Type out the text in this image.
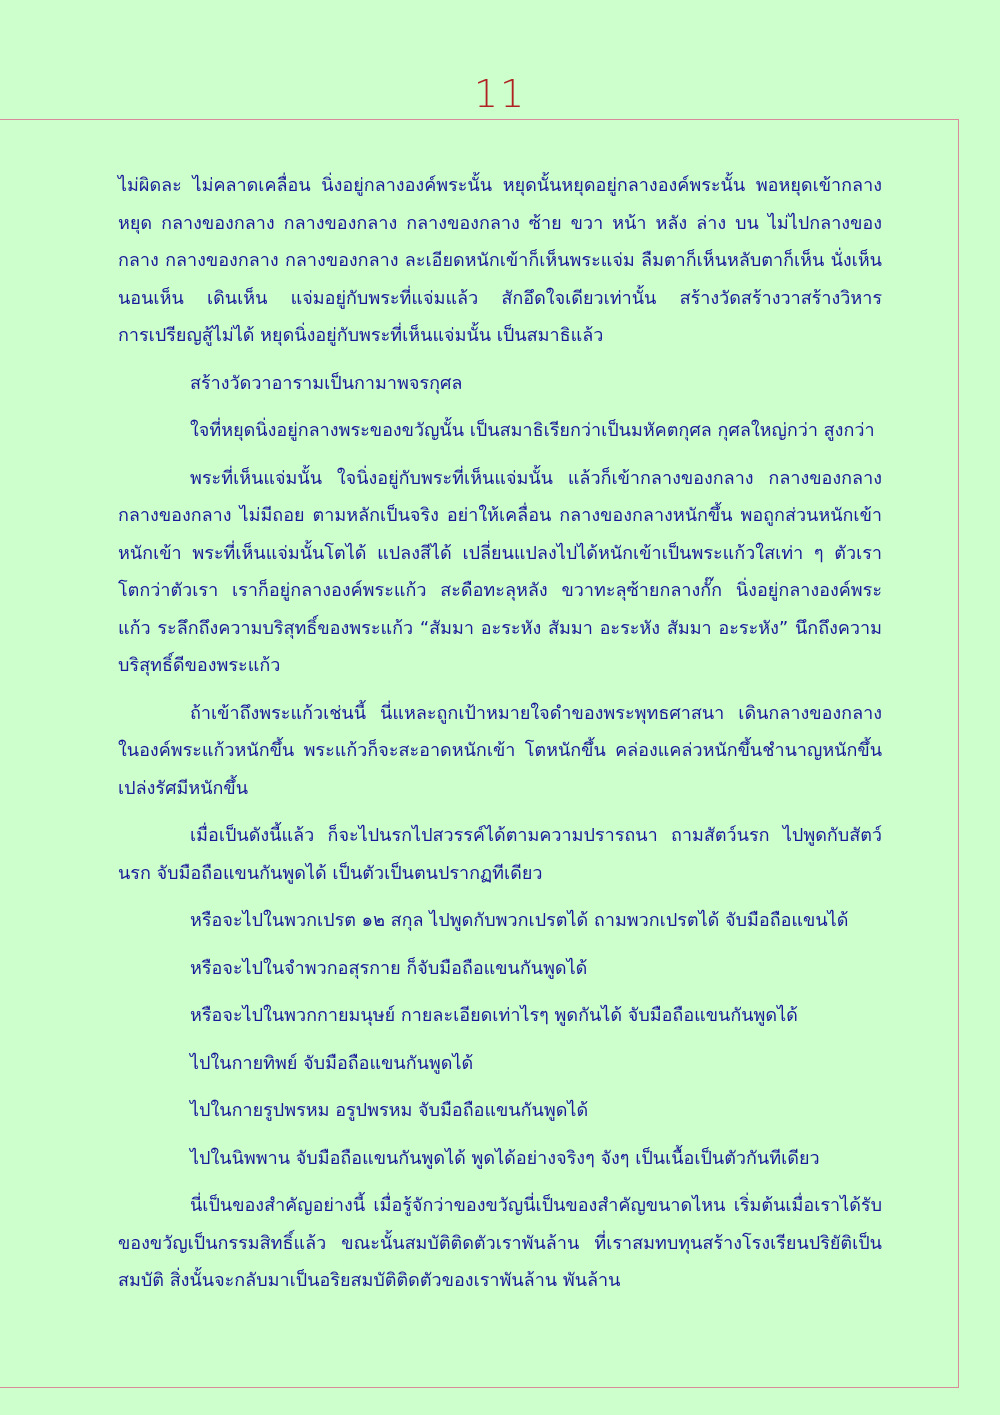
11

ไม่ผิดละ ไม่คลาดเคลื่อน นิ่งอยู่กลางองค์พระนั้น หยุดนั้นหยุดอยู่กลางองค์พระนั้น พอหยุดเข้ากลางหยุด กลางของกลาง กลางของกลาง กลางของกลาง ซ้าย ขวา หน้า หลัง ล่าง บน ไม่ไปกลางของกลาง กลางของกลาง กลางของกลาง ละเอียดหนักเข้าก็เห็นพระแจ่ม ลืมตาก็เห็นหลับตาก็เห็น นั่งเห็น นอนเห็น เดินเห็น แจ่มอยู่กับพระที่แจ่มแล้ว สักอึดใจเดียวเท่านั้น สร้างวัดสร้างวาสร้างวิหารการเปรียญสู้ไม่ได้ หยุดนิ่งอยู่กับพระที่เห็นแจ่มนั้น เป็นสมาธิแล้ว

สร้างวัดวาอารามเป็นกามาพจรกุศล

ใจที่หยุดนิ่งอยู่กลางพระของขวัญนั้น เป็นสมาธิเรียกว่าเป็นมหัคตกุศล กุศลใหญ่กว่า สูงกว่า

พระที่เห็นแจ่มนั้น ใจนิ่งอยู่กับพระที่เห็นแจ่มนั้น แล้วก็เข้ากลางของกลาง กลางของกลางกลางของกลาง ไม่มีถอย ตามหลักเป็นจริง อย่าให้เคลื่อน กลางของกลางหนักขึ้น พอถูกส่วนหนักเข้าหนักเข้า พระที่เห็นแจ่มนั้นโตได้ แปลงสีได้ เปลี่ยนแปลงไปได้หนักเข้าเป็นพระแก้วใสเท่า ๆ ตัวเรา โตกว่าตัวเรา เราก็อยู่กลางองค์พระแก้ว สะดือทะลุหลัง ขวาทะลุซ้ายกลางกั๊ก นิ่งอยู่กลางองค์พระแก้ว ระลึกถึงความบริสุทธิ์ของพระแก้ว “สัมมา อะระหัง สัมมา อะระหัง สัมมา อะระหัง” นึกถึงความบริสุทธิ์ดีของพระแก้ว

ถ้าเข้าถึงพระแก้วเช่นนี้ นี่แหละถูกเป้าหมายใจดำของพระพุทธศาสนา เดินกลางของกลางในองค์พระแก้วหนักขึ้น พระแก้วก็จะสะอาดหนักเข้า โตหนักขึ้น คล่องแคล่วหนักขึ้นชำนาญหนักขึ้น เปล่งรัศมีหนักขึ้น

เมื่อเป็นดังนี้แล้ว ก็จะไปนรกไปสวรรค์ได้ตามความปรารถนา ถามสัตว์นรก ไปพูดกับสัตว์นรก จับมือถือแขนกันพูดได้ เป็นตัวเป็นตนปรากฏทีเดียว

หรือจะไปในพวกเปรต ๑๒ สกุล ไปพูดกับพวกเปรตได้ ถามพวกเปรตได้ จับมือถือแขนได้

หรือจะไปในจำพวกอสุรกาย ก็จับมือถือแขนกันพูดได้

หรือจะไปในพวกกายมนุษย์ กายละเอียดเท่าไรๆ พูดกันได้ จับมือถือแขนกันพูดได้

ไปในกายทิพย์ จับมือถือแขนกันพูดได้

ไปในกายรูปพรหม อรูปพรหม จับมือถือแขนกันพูดได้

ไปในนิพพาน จับมือถือแขนกันพูดได้ พูดได้อย่างจริงๆ จังๆ เป็นเนื้อเป็นตัวกันทีเดียว

นี่เป็นของสำคัญอย่างนี้ เมื่อรู้จักว่าของขวัญนี่เป็นของสำคัญขนาดไหน เริ่มต้นเมื่อเราได้รับของขวัญเป็นกรรมสิทธิ์แล้ว ขณะนั้นสมบัติติดตัวเราพันล้าน ที่เราสมทบทุนสร้างโรงเรียนปริยัติเป็นสมบัติ สิ่งนั้นจะกลับมาเป็นอริยสมบัติติดตัวของเราพันล้าน พันล้าน
